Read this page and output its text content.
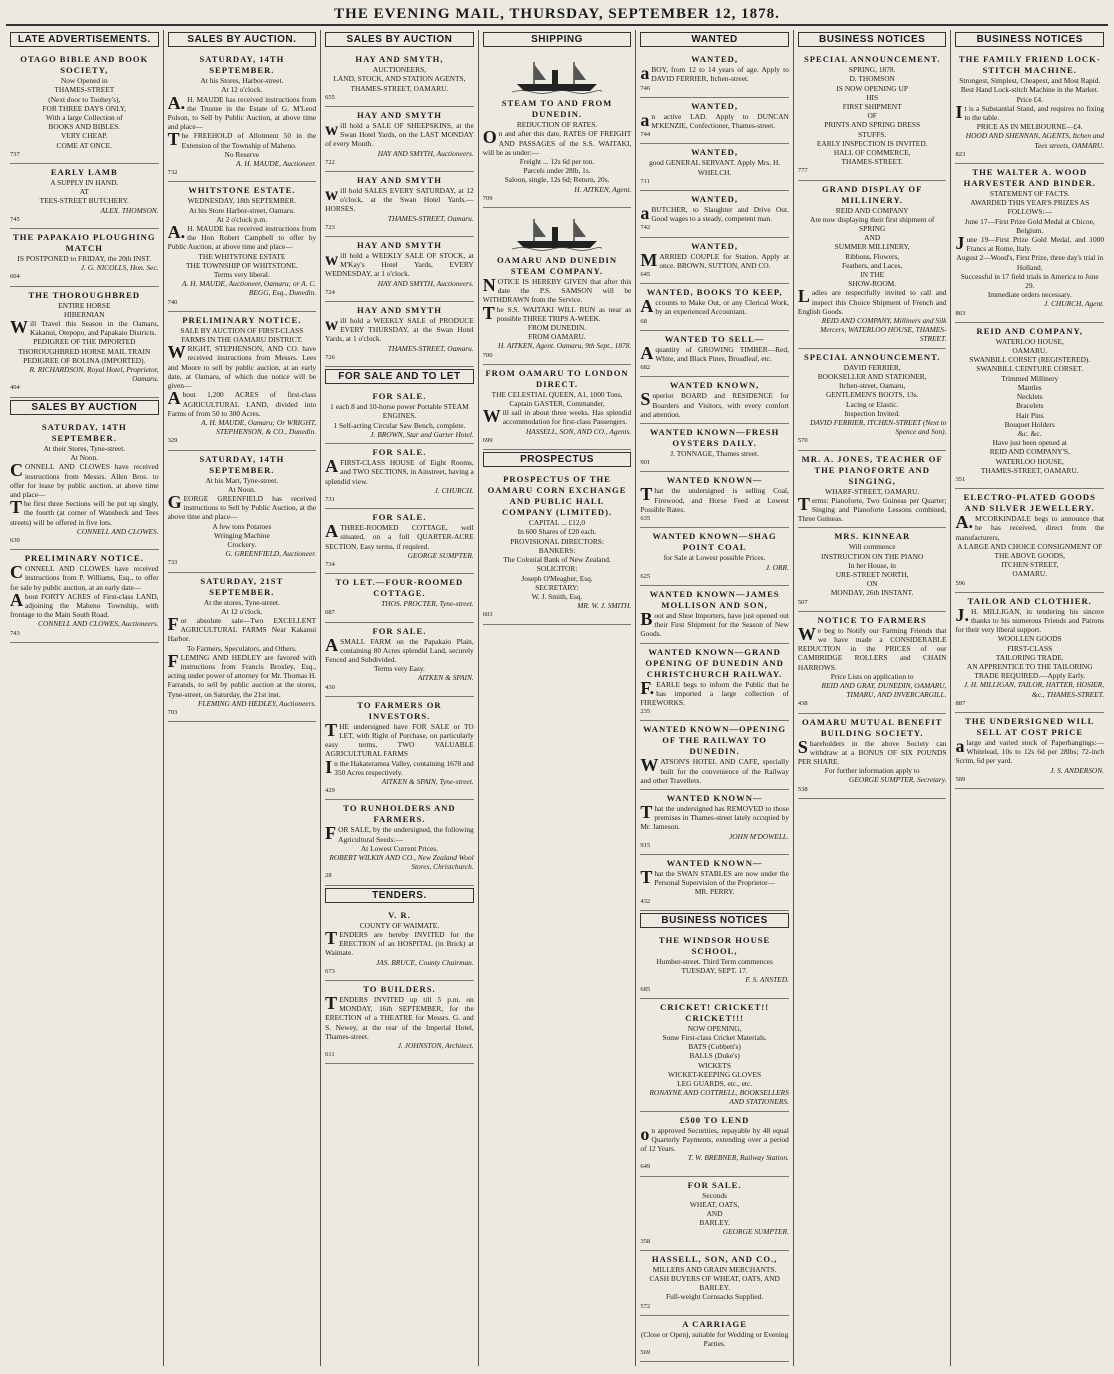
THE EVENING MAIL, THURSDAY, SEPTEMBER 12, 1878.
LATE ADVERTISEMENTS.
OTAGO BIBLE AND BOOK SOCIETY,
Now Opened in
THAMES-STREET
(Next door to Toohey's),
FOR THREE DAYS ONLY,
With a large Collection of
BOOKS AND BIBLES.
VERY CHEAP.
COME AT ONCE.
737
EARLY LAMB
A SUPPLY IN HAND.
AT
TEES-STREET BUTCHERY.
ALEX. THOMSON.
745
THE PAPAKAIO PLOUGHING MATCH
IS POSTPONED to FRIDAY, the 20th INST.
J. G. NICOLLS, Hon. Sec.
604
THE THOROUGHBRED
ENTIRE HORSE
HIBERNIAN
Will Travel this Season in the Oamaru, Kakanui, Otepopo, and Papakaio Districts.
PEDIGREE OF THE IMPORTED THOROUGHBRED HORSE MAIL TRAIN
PEDIGREE OF BOLINA (IMPORTED).
R. RICHARDSON, Royal Hotel, Proprietor, Oamaru.
404
SALES BY AUCTION
SATURDAY, 14TH SEPTEMBER.
At their Stores, Tyne-street.
At Noon.
CONNELL AND CLOWES have received instructions from Messrs. Allen Bros. to offer for lease by public auction, at above time and place—
The first three Sections will be put up singly, the fourth (at corner of Wansbeck and Tees streets) will be offered in five lots.
CONNELL AND CLOWES.
630
PRELIMINARY NOTICE.
CONNELL AND CLOWES have received instructions from P. Williams, Esq., to offer for sale by public auction, at an early date—
About FORTY ACRES of First-class LAND, adjoining the Maheno Township, with frontage to the Main South Road.
CONNELL AND CLOWES, Auctioneers.
743
SALES BY AUCTION.
SATURDAY, 14TH SEPTEMBER.
At his Stores, Harbor-street.
At 12 o'clock.
A.H. MAUDE has received instructions from the Trustee in the Estate of G. M'Leod Polson, to Sell by Public Auction, at above time and place—
The FREEHOLD of Allotment 50 in the Extension of the Township of Maheno.
No Reserve
A. H. MAUDE, Auctioneer.
732
WHITSTONE ESTATE.
WEDNESDAY, 18th SEPTEMBER.
At his Store Harbor-street, Oamaru.
At 2 o'clock p.m.
A.H. MAUDE has received instructions from the Hon Robert Campbell to offer by Public Auction, at above time and place—
THE WHITSTONE ESTATE
THE TOWNSHIP OF WHITSTONE.
Terms very liberal.
A. H. MAUDE, Auctioneer, Oamaru; or A. C. BEGG, Esq., Dunedin.
740
PRELIMINARY NOTICE.
SALE BY AUCTION OF FIRST-CLASS FARMS IN THE OAMARU DISTRICT.
WRIGHT, STEPHENSON, AND CO. have received instructions from Messrs. Lees and Moore to sell by public auction, at an early date, at Oamaru, of which due notice will be given—
About 1,200 ACRES of first-class AGRICULTURAL LAND, divided into Farms of from 50 to 300 Acres.
A. H. MAUDE, Oamaru; Or WRIGHT, STEPHENSON, & CO., Dunedin.
329
SATURDAY, 14TH SEPTEMBER.
At his Mart, Tyne-street.
At Noon.
GEORGE GREENFIELD has received instructions to Sell by Public Auction, at the above time and place—
A few tons Potatoes
Wringing Machine
Crockery.
G. GREENFIELD, Auctioneer.
733
SATURDAY, 21ST SEPTEMBER.
At the stores, Tyne-street.
At 12 o'clock.
For absolute sale—Two EXCELLENT AGRICULTURAL FARMS Near Kakanui Harbor.
To Farmers, Speculators, and Others.
FLEMING AND HEDLEY are favored with instructions from Francis Broxley, Esq., acting under power of attorney for Mr. Thomas H. Farrands, to sell by public auction at the stores, Tyne-street, on Saturday, the 21st inst.
FLEMING AND HEDLEY, Auctioneers.
703
SALES BY AUCTION
HAY AND SMYTH,
AUCTIONEERS,
LAND, STOCK, AND STATION AGENTS,
THAMES-STREET, OAMARU.
655
HAY AND SMYTH
will hold a SALE OF SHEEPSKINS, at the Swan Hotel Yards, on the LAST MONDAY of every Month.
HAY AND SMYTH, Auctioneers.
722
HAY AND SMYTH
will hold SALES EVERY SATURDAY, at 12 o'clock, at the Swan Hotel Yards.—HORSES.
THAMES-STREET, Oamaru.
723
HAY AND SMYTH
will hold a WEEKLY SALE OF STOCK, at M'Kay's Hotel Yards, EVERY WEDNESDAY, at 1 o'clock.
HAY AND SMYTH, Auctioneers.
724
HAY AND SMYTH
will hold a WEEKLY SALE of PRODUCE EVERY THURSDAY, at the Swan Hotel Yards, at 1 o'clock.
THAMES-STREET, Oamaru.
726
FOR SALE AND TO LET
FOR SALE.
1 each 8 and 10-horse power Portable STEAM ENGINES.
1 Self-acting Circular Saw Bench, complete.
J. BROWN, Star and Garter Hotel.
FOR SALE.
AFIRST-CLASS HOUSE of Eight Rooms, and TWO SECTIONS, in Ainstreet, having a splendid view.
J. CHURCH.
731
FOR SALE.
ATHREE-ROOMED COTTAGE, well situated, on a full QUARTER-ACRE SECTION. Easy terms, if required.
GEORGE SUMPTER.
734
TO LET.—FOUR-ROOMED COTTAGE.
THOS. PROCTER, Tyne-street.
687
FOR SALE.
ASMALL FARM on the Papakaio Plain, containing 80 Acres splendid Land, securely Fenced and Subdivided.
Terms very Easy.
AITKEN & SPAIN.
430
TO FARMERS OR INVESTORS.
THE undersigned have FOR SALE or TO LET, with Right of Purchase, on particularly easy terms, TWO VALUABLE AGRICULTURAL FARMS
In the Hakateramea Valley, containing 1678 and 350 Acres respectively.
AITKEN & SPAIN, Tyne-street.
429
TO RUNHOLDERS AND FARMERS.
FOR SALE, by the undersigned, the following Agricultural Seeds:—
At Lowest Current Prices.
ROBERT WILKIN AND CO., New Zealand Wool Stores, Christchurch.
28
TENDERS.
V. R.
COUNTY OF WAIMATE.
TENDERS are hereby INVITED for the ERECTION of an HOSPITAL (in Brick) at Waimate.
JAS. BRUCE, County Chairman.
673
TO BUILDERS.
TENDERS INVITED up till 5 p.m. on MONDAY, 16th SEPTEMBER, for the ERECTION of a THEATRE for Messrs. G. and S. Newey, at the rear of the Imperial Hotel, Thames-street.
J. JOHNSTON, Architect.
611
SHIPPING
STEAM TO AND FROM DUNEDIN.
REDUCTION OF RATES.
On and after this date, RATES OF FREIGHT AND PASSAGES of the S.S. WAITAKI, will be as under:—
Freight ... 12s 6d per ton.
Parcels under 28lb, 1s.
Saloon, single, 12s 6d; Return, 20s.
H. AITKEN, Agent.
709
OAMARU AND DUNEDIN STEAM COMPANY.
NOTICE IS HEREBY GIVEN that after this date the P.S. SAMSON will be WITHDRAWN from the Service.
The S.S. WAITAKI WILL RUN as near as possible THREE TRIPS A-WEEK.
FROM DUNEDIN.
FROM OAMARU.
H. AITKEN, Agent. Oamaru, 9th Sept., 1878.
700
FROM OAMARU TO LONDON DIRECT.
THE CELESTIAL QUEEN, A1, 1000 Tons,
Captain GASTER, Commander,
Will sail in about three weeks. Has splendid accommodation for first-class Passengers.
HASSELL, SON, AND CO., Agents.
699
PROSPECTUS
PROSPECTUS OF THE OAMARU CORN EXCHANGE AND PUBLIC HALL COMPANY (LIMITED).
CAPITAL ... £12,0
In 600 Shares of £20 each.
PROVISIONAL DIRECTORS:
BANKERS:
The Colonial Bank of New Zealand.
SOLICITOR:
Joseph O'Meagher, Esq.
SECRETARY:
W. J. Smith, Esq.
MR. W. J. SMITH.
603
WANTED
WANTED,
aBOY, from 12 to 14 years of age. Apply to DAVID FERRIER, Itchen-street.
746
WANTED,
an active LAD. Apply to DUNCAN M'KENZIE, Confectioner, Thames-street.
744
WANTED,
good GENERAL SERVANT. Apply Mrs. H. WHELCH.
711
WANTED,
aBUTCHER, to Slaughter and Drive Out. Good wages to a steady, competent man.
742
WANTED,
MARRIED COUPLE for Station. Apply at once. BROWN, SUTTON, AND CO.
645
WANTED, BOOKS TO KEEP,
Accounts to Make Out, or any Clerical Work, by an experienced Accountant.
68
WANTED TO SELL—
Aquantity of GROWING TIMBER—Red, White, and Black Pines, Broadleaf, etc.
682
WANTED KNOWN,
Superior BOARD and RESIDENCE for Boarders and Visitors, with every comfort and attention.
WANTED KNOWN—FRESH OYSTERS DAILY.
J. TONNAGE, Thames street.
901
WANTED KNOWN—
That the undersigned is selling Coal, Firewood, and Horse Feed at Lowest Possible Rates.
635
WANTED KNOWN—SHAG POINT COAL
for Sale at Lowest possible Prices.
J. ORR.
625
WANTED KNOWN—JAMES MOLLISON AND SON,
Boot and Shoe Importers, have just opened out their First Shipment for the Season of New Goods.
WANTED KNOWN—GRAND OPENING OF DUNEDIN AND CHRISTCHURCH RAILWAY.
F.EARLE begs to inform the Public that he has imported a large collection of FIREWORKS.
235
WANTED KNOWN—OPENING OF THE RAILWAY TO DUNEDIN.
WATSON'S HOTEL AND CAFE, specially built for the convenience of the Railway and other Travellers.
WANTED KNOWN—
That the undersigned has REMOVED to those premises in Thames-street lately occupied by Mr. Jameson.
JOHN M'DOWELL.
915
WANTED KNOWN—
That the SWAN STABLES are now under the Personal Supervision of the Proprietor—
MR. PERRY.
432
BUSINESS NOTICES
THE WINDSOR HOUSE SCHOOL,
Humber-street. Third Term commences TUESDAY, SEPT. 17.
F. S. ANSTED.
685
CRICKET! CRICKET!! CRICKET!!!
NOW OPENING,
Some First-class Cricket Materials.
BATS (Cobbett's)
BALLS (Duke's)
WICKETS
WICKET-KEEPING GLOVES
LEG GUARDS, etc., etc.
RONAYNE AND COTTRELL, BOOKSELLERS AND STATIONERS.
£500 TO LEND
on approved Securities, repayable by 48 equal Quarterly Payments, extending over a period of 12 Years.
T. W. BREBNER, Railway Station.
649
FOR SALE.
Seconds
WHEAT, OATS,
AND
BARLEY.
GEORGE SUMPTER.
358
HASSELL, SON, AND CO.,
MILLERS AND GRAIN MERCHANTS.
CASH BUYERS OF WHEAT, OATS, AND BARLEY.
Full-weight Cornsacks Supplied.
572
A CARRIAGE
(Close or Open), suitable for Wedding or Evening Parties.
569
BUSINESS NOTICES
SPECIAL ANNOUNCEMENT.
SPRING, 1878.
D. THOMSON
IS NOW OPENING UP
HIS
FIRST SHIPMENT
OF
PRINTS AND SPRING DRESS
STUFFS.
EARLY INSPECTION IS INVITED.
HALL OF COMMERCE,
THAMES-STREET.
777
GRAND DISPLAY OF MILLINERY.
REID AND COMPANY
Are now displaying their first shipment of
SPRING
AND
SUMMER MILLINERY,
Ribbons, Flowers,
Feathers, and Laces,
IN THE
SHOW-ROOM.
Ladies are respectfully invited to call and inspect this Choice Shipment of French and English Goods.
REID AND COMPANY, Milliners and Silk Mercers, WATERLOO HOUSE, THAMES-STREET.
SPECIAL ANNOUNCEMENT.
DAVID FERRIER,
BOOKSELLER AND STATIONER,
Itchen-street, Oamaru,
GENTLEMEN'S BOOTS, 13s.
Lacing or Elastic.
Inspection Invited.
DAVID FERRIER, ITCHEN-STREET (Next to Spence and Son).
570
MR. A. JONES, TEACHER OF THE PIANOFORTE AND SINGING,
WHARF-STREET, OAMARU.
Terms: Pianoforte, Two Guineas per Quarter; Singing and Pianoforte Lessons combined, Three Guineas.
MRS. KINNEAR
Will commence
INSTRUCTION ON THE PIANO
In her House, in
URE-STREET NORTH,
ON
MONDAY, 26th INSTANT.
507
NOTICE TO FARMERS
We beg to Notify our Farming Friends that we have made a CONSIDERABLE REDUCTION in the PRICES of our CAMBRIDGE ROLLERS and CHAIN HARROWS.
Price Lists on application to
REID AND GRAY, DUNEDIN, OAMARU, TIMARU, AND INVERCARGILL.
438
OAMARU MUTUAL BENEFIT BUILDING SOCIETY.
Shareholders in the above Society can withdraw at a BONUS OF SIX POUNDS PER SHARE.
For further information apply to
GEORGE SUMPTER, Secretary.
538
BUSINESS NOTICES
THE FAMILY FRIEND LOCK-STITCH MACHINE.
Strongest, Simplest, Cheapest, and Most Rapid.
Best Hand Lock-stitch Machine in the Market.
Price £4.
It is a Substantial Stand, and requires no fixing to the table.
PRICE AS IN MELBOURNE—£4.
HOOD AND SHENNAN, AGENTS, Itchen and Tees streets, OAMARU.
823
THE WALTER A. WOOD HARVESTER AND BINDER.
STATEMENT OF FACTS.
AWARDED THIS YEAR'S PRIZES AS FOLLOWS:—
June 17—First Prize Gold Medal at Chicoe, Belgium.
June 19—First Prize Gold Medal, and 1000 Francs at Rome, Italy.
August 2—Wood's, First Prize, three day's trial in Holland.
Successful in 17 field trials in America to June 29.
Immediate orders necessary.
J. CHURCH, Agent.
863
REID AND COMPANY,
WATERLOO HOUSE,
OAMARU.
SWANBILL CORSET (REGISTERED).
SWANBILL CEINTURE CORSET.
Trimmed Millinery
Mantles
Necklets
Bracelets
Hair Pins
Bouquet Holders
&c. &c.
Have just been opened at
REID AND COMPANY'S,
WATERLOO HOUSE,
THAMES-STREET, OAMARU.
351
ELECTRO-PLATED GOODS AND SILVER JEWELLERY.
A.M'CORKINDALE begs to announce that he has received, direct from the manufacturers,
A LARGE AND CHOICE CONSIGNMENT OF THE ABOVE GOODS,
ITCHEN STREET,
OAMARU.
596
TAILOR AND CLOTHIER.
J.H. MILLIGAN, in tendering his sincere thanks to his numerous Friends and Patrons for their very liberal support.
WOOLLEN GOODS
FIRST-CLASS
TAILORING TRADE.
AN APPRENTICE TO THE TAILORING TRADE REQUIRED.—Apply Early.
J. H. MILLIGAN, TAILOR, HATTER, HOSIER, &c., THAMES-STREET.
887
THE UNDERSIGNED WILL SELL AT COST PRICE
alarge and varied stock of Paperhangings:—Whitelead, 10s to 12s 6d per 28lbs; 72-inch Scrim, 6d per yard.
J. S. ANDERSON.
589
